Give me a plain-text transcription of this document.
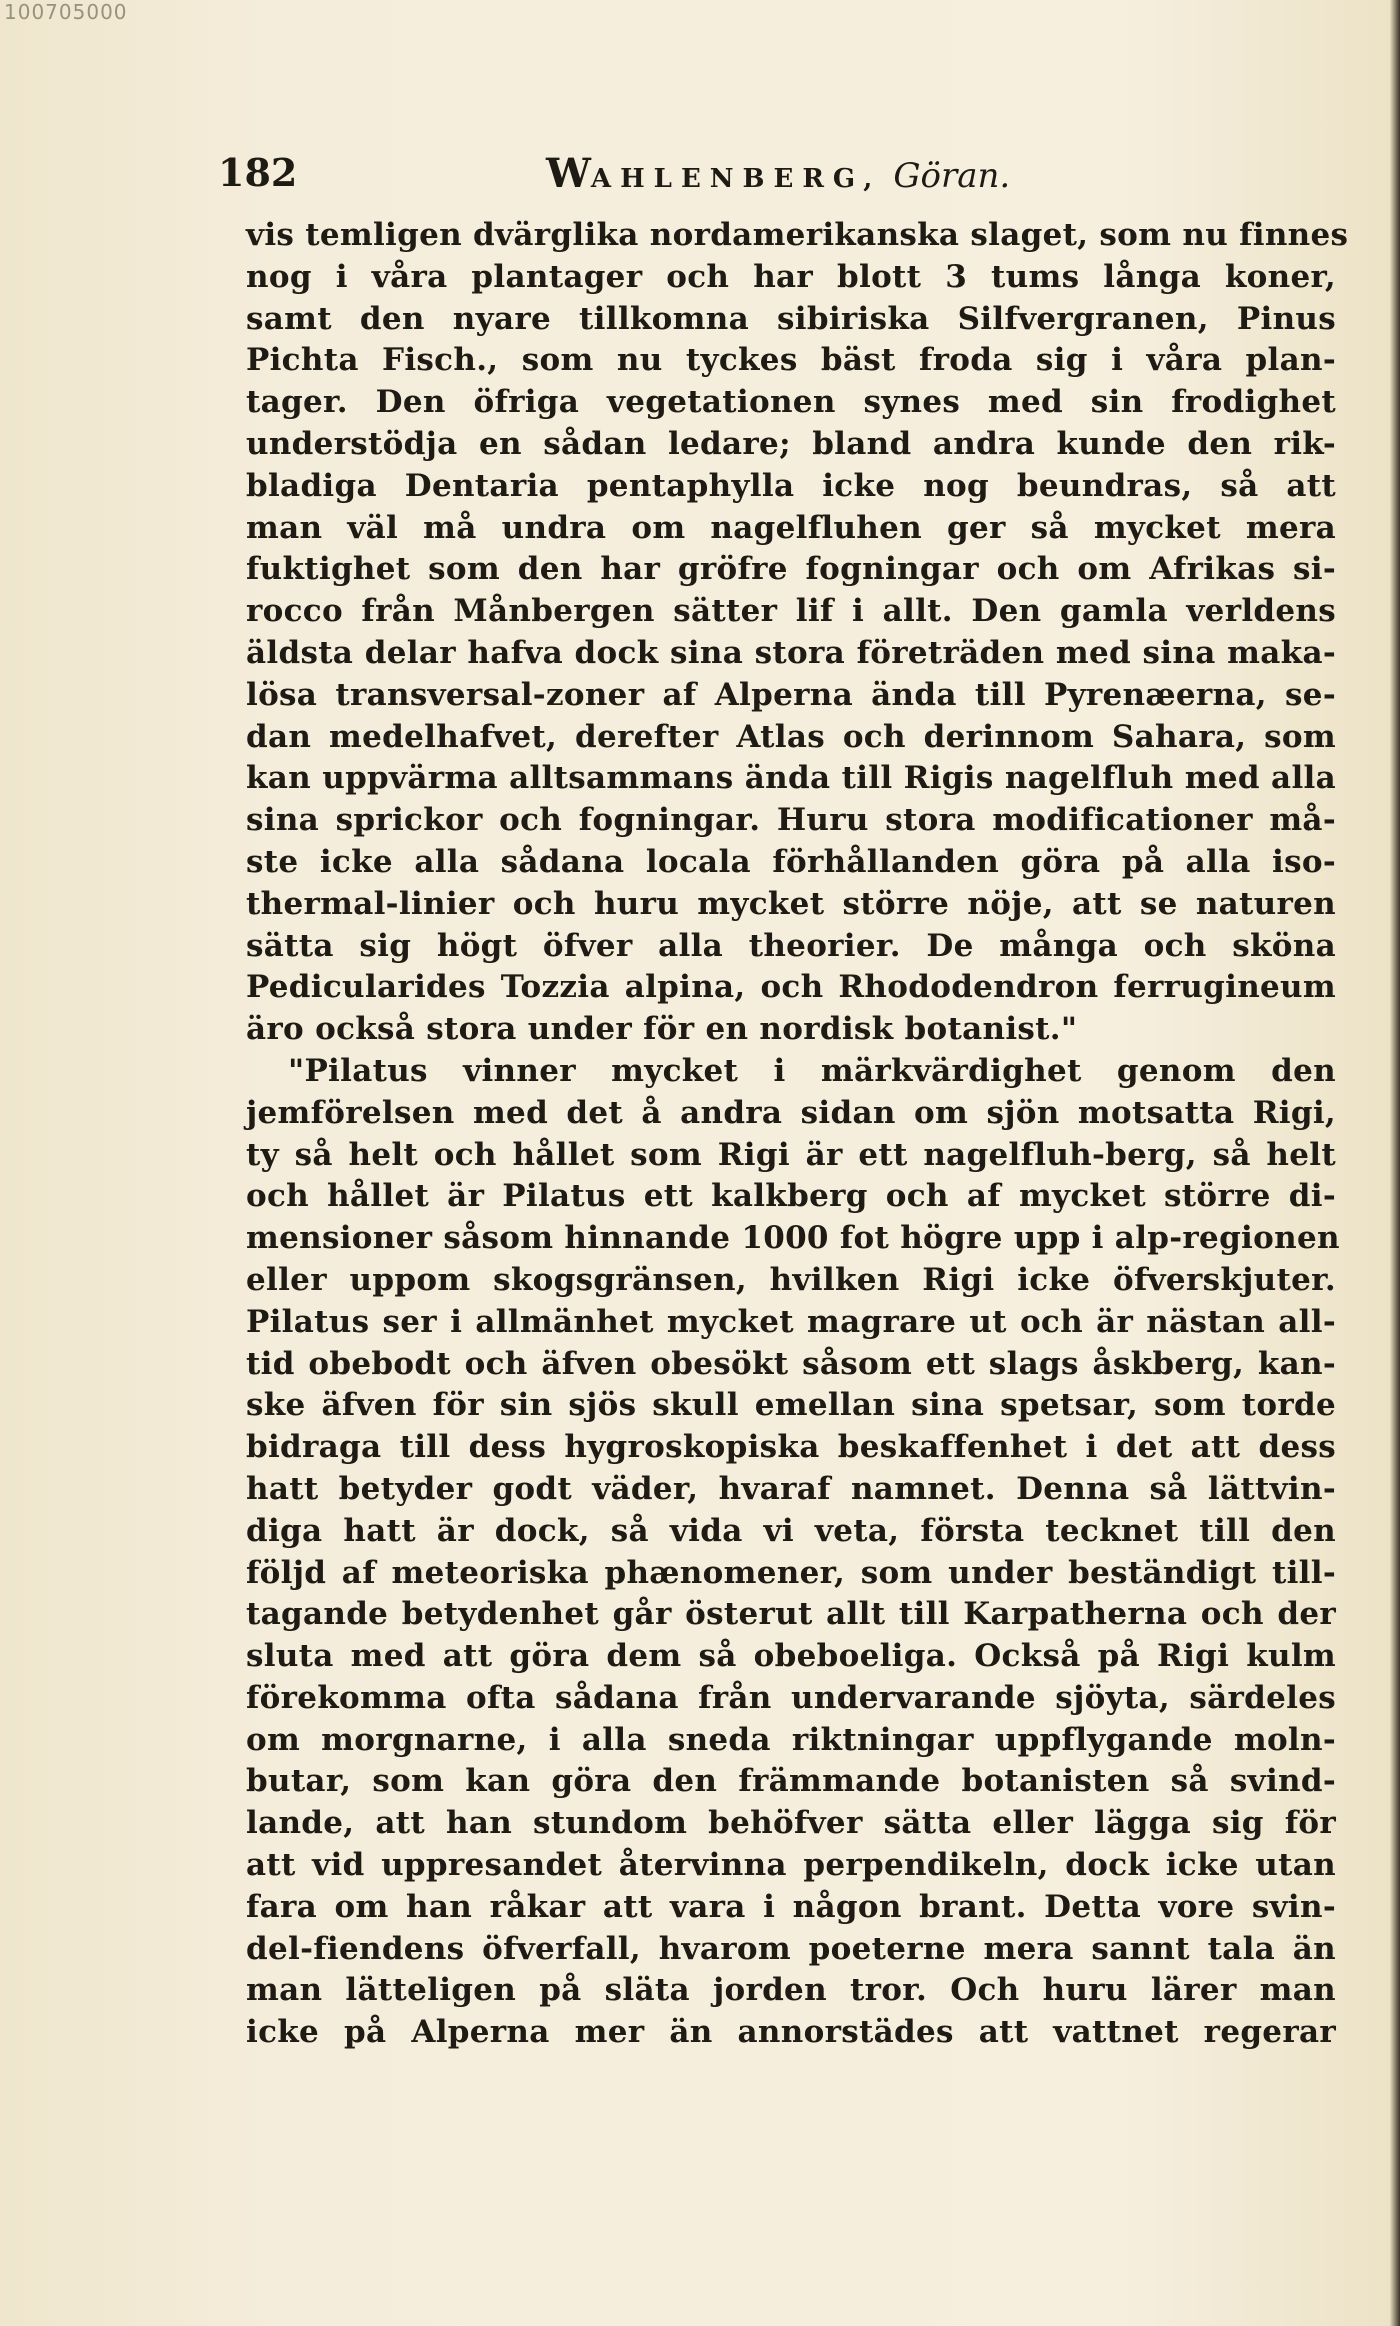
100705000
182	WAHLENBERG, Göran.
vis temligen dvärglika nordamerikanska slaget, som nu finnes
nog i våra plantager och har blott 3 tums långa koner,
samt den nyare tillkomna sibiriska Silfvergranen, Pinus
Pichta Fisch., som nu tyckes bäst froda sig i våra plan-
tager. Den öfriga vegetationen synes med sin frodighet
understödja en sådan ledare; bland andra kunde den rik-
bladiga Dentaria pentaphylla icke nog beundras, så att
man väl må undra om nagelfluhen ger så mycket mera
fuktighet som den har gröfre fogningar och om Afrikas si-
rocco från Månbergen sätter lif i allt. Den gamla verldens
äldsta delar hafva dock sina stora företräden med sina maka-
lösa transversal-zoner af Alperna ända till Pyrenæerna, se-
dan medelhafvet, derefter Atlas och derinnom Sahara, som
kan uppvärma alltsammans ända till Rigis nagelfluh med alla
sina sprickor och fogningar. Huru stora modificationer må-
ste icke alla sådana locala förhållanden göra på alla iso-
thermal-linier och huru mycket större nöje, att se naturen
sätta sig högt öfver alla theorier. De många och sköna
Pedicularides Tozzia alpina, och Rhododendron ferrugineum
äro också stora under för en nordisk botanist."
"Pilatus vinner mycket i märkvärdighet genom den
jemförelsen med det å andra sidan om sjön motsatta Rigi,
ty så helt och hållet som Rigi är ett nagelfluh-berg, så helt
och hållet är Pilatus ett kalkberg och af mycket större di-
mensioner såsom hinnande 1000 fot högre upp i alp-regionen
eller uppom skogsgränsen, hvilken Rigi icke öfverskjuter.
Pilatus ser i allmänhet mycket magrare ut och är nästan all-
tid obebodt och äfven obesökt såsom ett slags åskberg, kan-
ske äfven för sin sjös skull emellan sina spetsar, som torde
bidraga till dess hygroskopiska beskaffenhet i det att dess
hatt betyder godt väder, hvaraf namnet. Denna så lättvin-
diga hatt är dock, så vida vi veta, första tecknet till den
följd af meteoriska phænomener, som under beständigt till-
tagande betydenhet går österut allt till Karpatherna och der
sluta med att göra dem så obeboeliga. Också på Rigi kulm
förekomma ofta sådana från undervarande sjöyta, särdeles
om morgnarne, i alla sneda riktningar uppflygande moln-
butar, som kan göra den främmande botanisten så svind-
lande, att han stundom behöfver sätta eller lägga sig för
att vid uppresandet återvinna perpendikeln, dock icke utan
fara om han råkar att vara i någon brant. Detta vore svin-
del-fiendens öfverfall, hvarom poeterne mera sannt tala än
man lätteligen på släta jorden tror. Och huru lärer man
icke på Alperna mer än annorstädes att vattnet regerar
